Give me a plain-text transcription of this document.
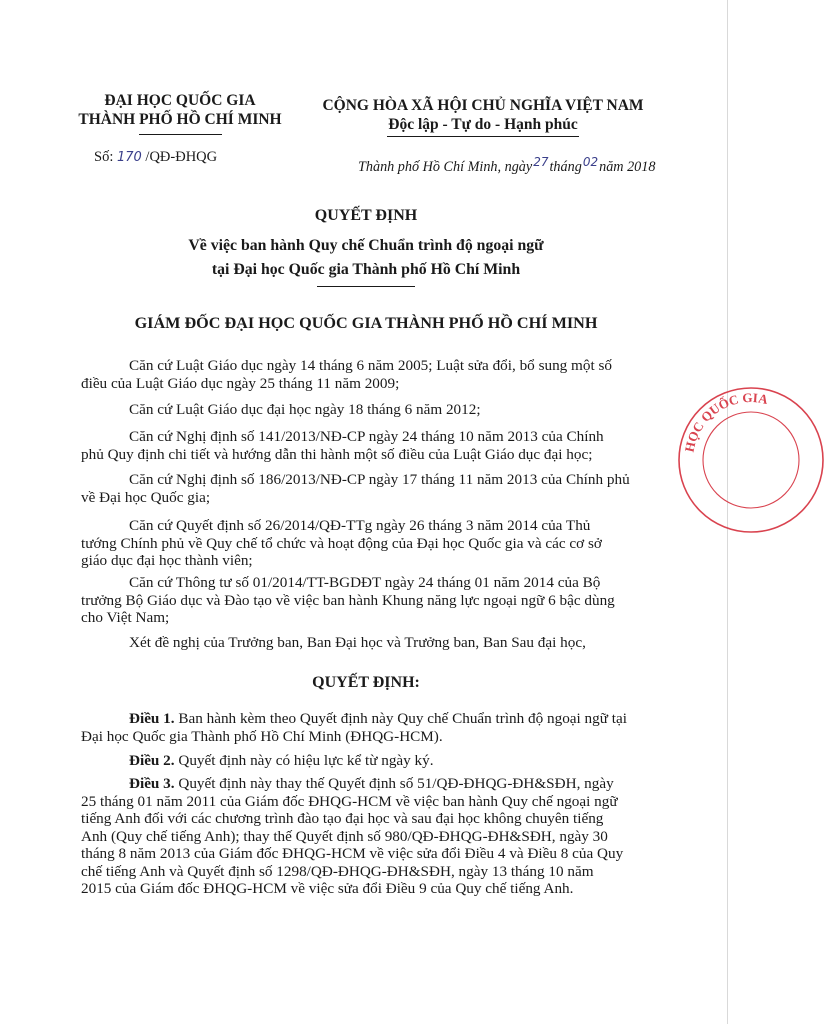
ĐẠI HỌC QUỐC GIA
THÀNH PHỐ HỒ CHÍ MINH
CỘNG HÒA XÃ HỘI CHỦ NGHĨA VIỆT NAM
Độc lập - Tự do - Hạnh phúc
Số: 170 /QĐ-ĐHQG
Thành phố Hồ Chí Minh, ngày$^{27}$tháng$^{02}$năm 2018
QUYẾT ĐỊNH
Về việc ban hành Quy chế Chuẩn trình độ ngoại ngữ
tại Đại học Quốc gia Thành phố Hồ Chí Minh
GIÁM ĐỐC ĐẠI HỌC QUỐC GIA THÀNH PHỐ HỒ CHÍ MINH
Căn cứ Luật Giáo dục ngày 14 tháng 6 năm 2005; Luật sửa đổi, bổ sung một số
điều của Luật Giáo dục ngày 25 tháng 11 năm 2009;
Căn cứ Luật Giáo dục đại học ngày 18 tháng 6 năm 2012;
Căn cứ Nghị định số 141/2013/NĐ-CP ngày 24 tháng 10 năm 2013 của Chính
phủ Quy định chi tiết và hướng dẫn thi hành một số điều của Luật Giáo dục đại học;
Căn cứ Nghị định số 186/2013/NĐ-CP ngày 17 tháng 11 năm 2013 của Chính phủ
về Đại học Quốc gia;
Căn cứ Quyết định số 26/2014/QĐ-TTg ngày 26 tháng 3 năm 2014 của Thủ
tướng Chính phủ về Quy chế tổ chức và hoạt động của Đại học Quốc gia và các cơ sở
giáo dục đại học thành viên;
Căn cứ Thông tư số 01/2014/TT-BGDĐT ngày 24 tháng 01 năm 2014 của Bộ
trưởng Bộ Giáo dục và Đào tạo về việc ban hành Khung năng lực ngoại ngữ 6 bậc dùng
cho Việt Nam;
Xét đề nghị của Trưởng ban, Ban Đại học và Trưởng ban, Ban Sau đại học,
QUYẾT ĐỊNH:
Điều 1. Ban hành kèm theo Quyết định này Quy chế Chuẩn trình độ ngoại ngữ tại
Đại học Quốc gia Thành phố Hồ Chí Minh (ĐHQG-HCM).
Điều 2. Quyết định này có hiệu lực kể từ ngày ký.
Điều 3. Quyết định này thay thế Quyết định số 51/QĐ-ĐHQG-ĐH&SĐH, ngày
25 tháng 01 năm 2011 của Giám đốc ĐHQG-HCM về việc ban hành Quy chế ngoại ngữ
tiếng Anh đối với các chương trình đào tạo đại học và sau đại học không chuyên tiếng
Anh (Quy chế tiếng Anh); thay thế Quyết định số 980/QĐ-ĐHQG-ĐH&SĐH, ngày 30
tháng 8 năm 2013 của Giám đốc ĐHQG-HCM về việc sửa đổi Điều 4 và Điều 8 của Quy
chế tiếng Anh và Quyết định số 1298/QĐ-ĐHQG-ĐH&SĐH, ngày 13 tháng 10 năm
2015 của Giám đốc ĐHQG-HCM về việc sửa đổi Điều 9 của Quy chế tiếng Anh.
HỌC QUỐC GIA
